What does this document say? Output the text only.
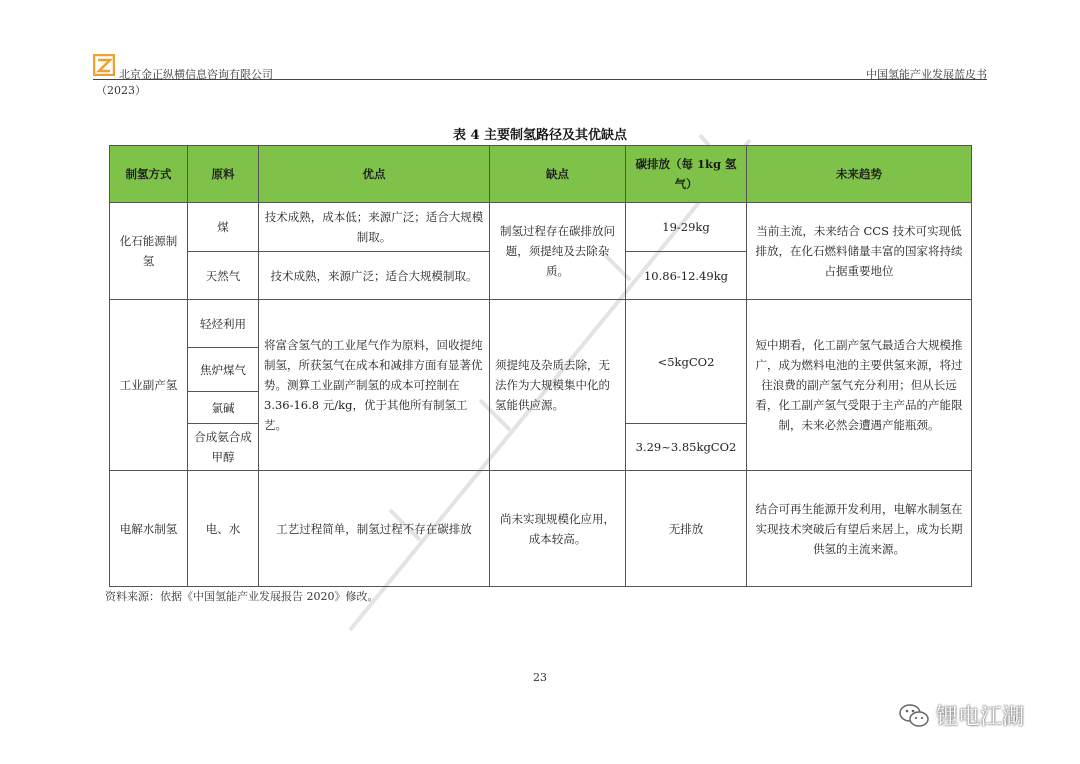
北京金正纵横信息咨询有限公司
（2023）
中国氢能产业发展蓝皮书
表 4 主要制氢路径及其优缺点
制氢方式	原料	优点	缺点	碳排放（每 1kg 氢气）	未来趋势
化石能源制氢	煤	技术成熟，成本低；来源广泛；适合大规模制取。	制氢过程存在碳排放问题，须提纯及去除杂质。	19-29kg	当前主流，未来结合 CCS 技术可实现低排放，在化石燃料储量丰富的国家将持续占据重要地位
	天然气	技术成熟，来源广泛；适合大规模制取。		10.86-12.49kg	
工业副产氢	轻烃利用	将富含氢气的工业尾气作为原料，回收提纯制氢，所获氢气在成本和减排方面有显著优势。测算工业副产制氢的成本可控制在 3.36-16.8 元/kg，优于其他所有制氢工艺。	须提纯及杂质去除，无法作为大规模集中化的氢能供应源。	<5kgCO2	短中期看，化工副产氢气最适合大规模推广，成为燃料电池的主要供氢来源，将过往浪费的副产氢气充分利用；但从长远看，化工副产氢气受限于主产品的产能限制，未来必然会遭遇产能瓶颈。
	焦炉煤气				
	氯碱				
	合成氨合成甲醇			3.29~3.85kgCO2	
电解水制氢	电、水	工艺过程简单，制氢过程不存在碳排放	尚未实现规模化应用，成本较高。	无排放	结合可再生能源开发利用，电解水制氢在实现技术突破后有望后来居上，成为长期供氢的主流来源。
资料来源：依据《中国氢能产业发展报告 2020》修改。
23
锂电江湖
